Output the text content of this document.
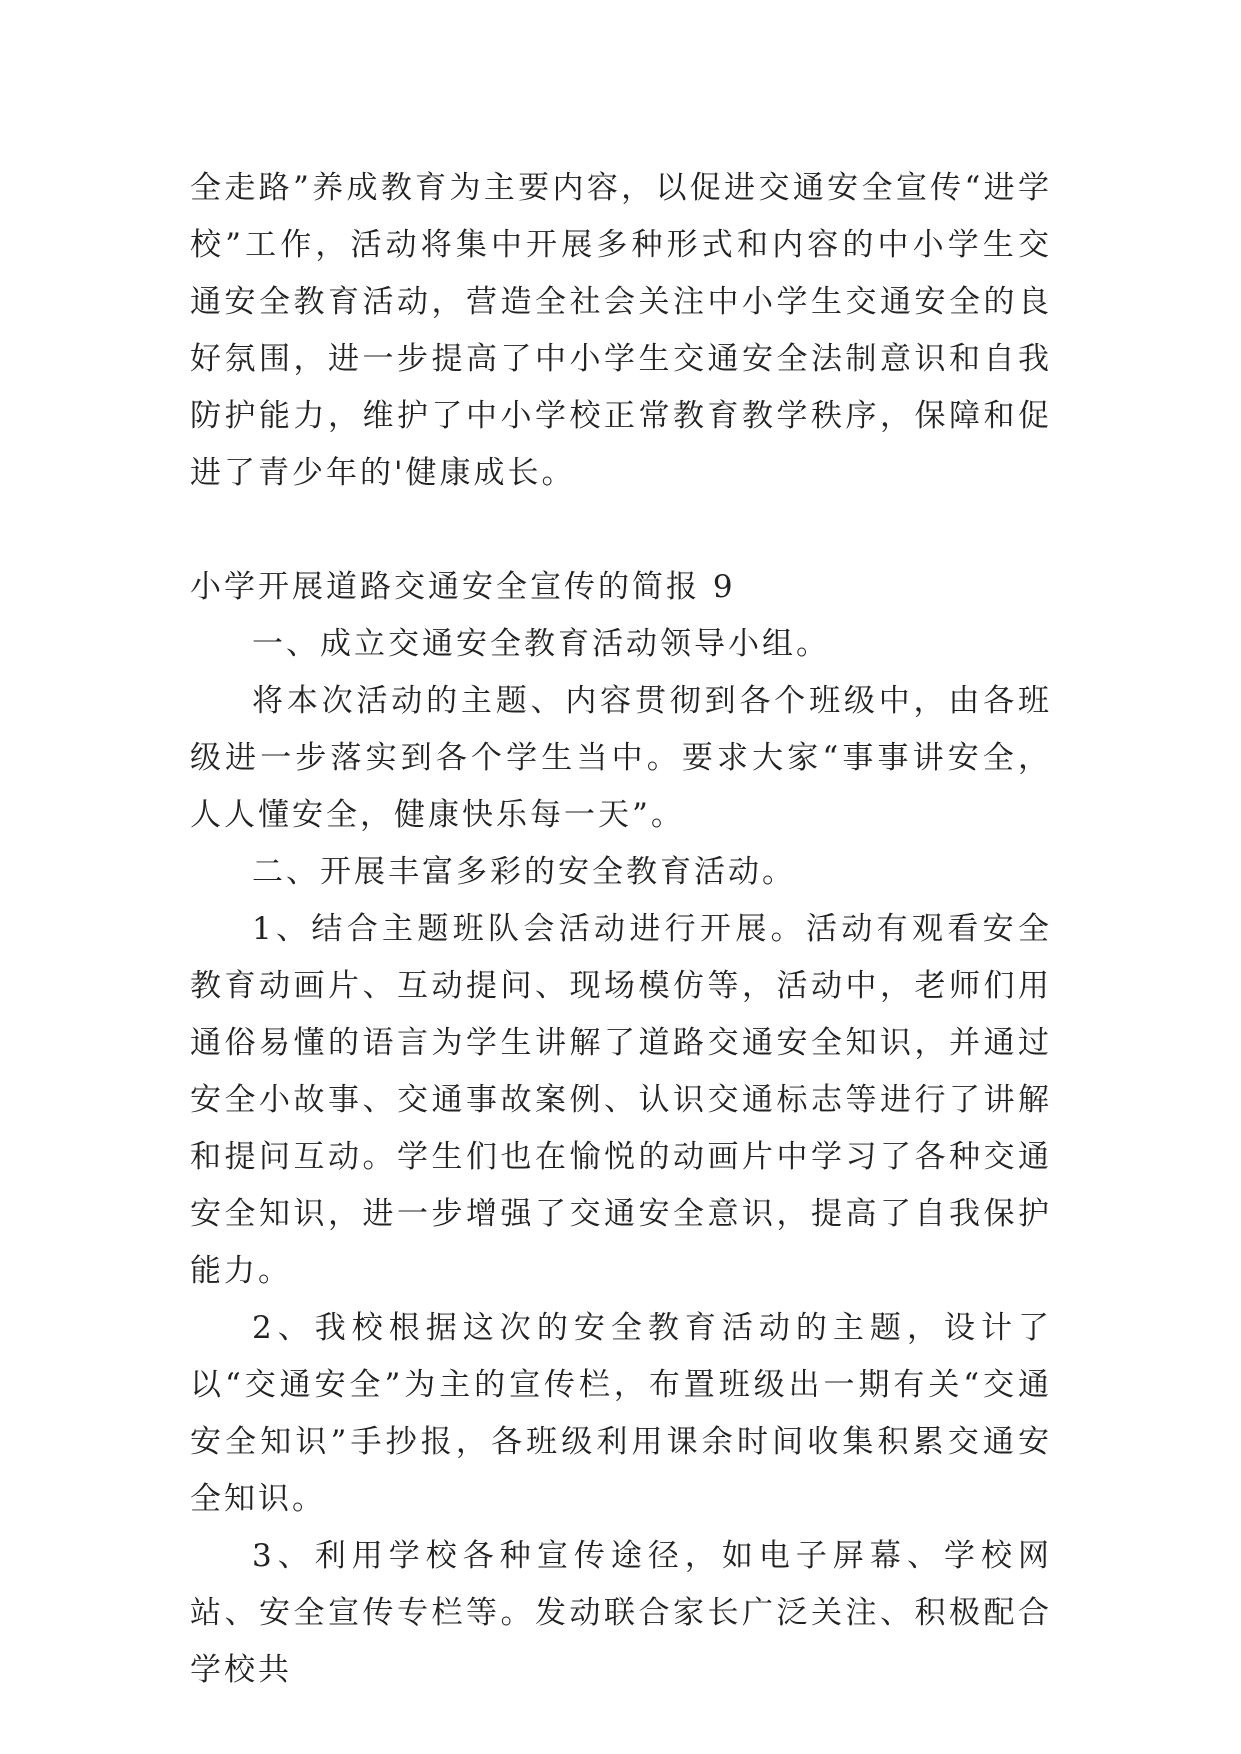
全走路”养成教育为主要内容，以促进交通安全宣传“进学校”工作，活动将集中开展多种形式和内容的中小学生交通安全教育活动，营造全社会关注中小学生交通安全的良好氛围，进一步提高了中小学生交通安全法制意识和自我防护能力，维护了中小学校正常教育教学秩序，保障和促进了青少年的'健康成长。

小学开展道路交通安全宣传的简报 9

一、成立交通安全教育活动领导小组。

将本次活动的主题、内容贯彻到各个班级中，由各班级进一步落实到各个学生当中。要求大家“事事讲安全，人人懂安全，健康快乐每一天”。

二、开展丰富多彩的安全教育活动。

1、结合主题班队会活动进行开展。活动有观看安全教育动画片、互动提问、现场模仿等，活动中，老师们用通俗易懂的语言为学生讲解了道路交通安全知识，并通过安全小故事、交通事故案例、认识交通标志等进行了讲解和提问互动。学生们也在愉悦的动画片中学习了各种交通安全知识，进一步增强了交通安全意识，提高了自我保护能力。

2、我校根据这次的安全教育活动的主题，设计了以“交通安全”为主的宣传栏，布置班级出一期有关“交通安全知识”手抄报，各班级利用课余时间收集积累交通安全知识。

3、利用学校各种宣传途径，如电子屏幕、学校网站、安全宣传专栏等。发动联合家长广泛关注、积极配合学校共
